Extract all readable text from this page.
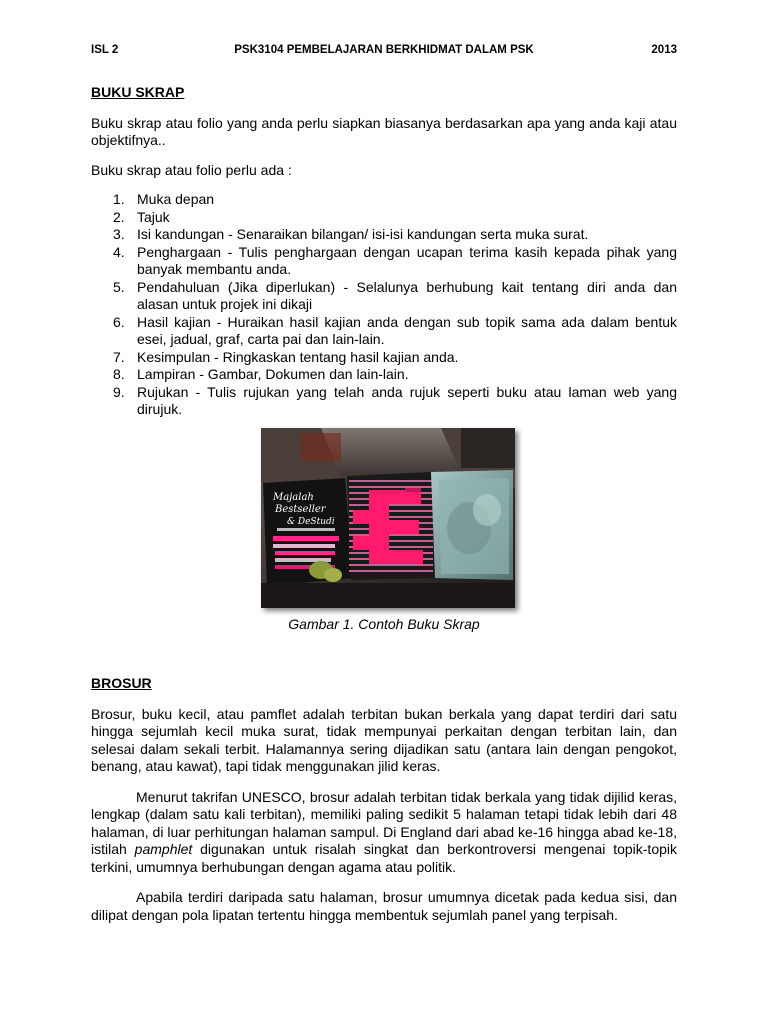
ISL 2	PSK3104 PEMBELAJARAN BERKHIDMAT DALAM PSK	2013
BUKU SKRAP

Buku skrap atau folio yang anda perlu siapkan biasanya berdasarkan apa yang anda kaji atau objektifnya..

Buku skrap atau folio perlu ada :

1. Muka depan
2. Tajuk
3. Isi kandungan - Senaraikan bilangan/ isi-isi kandungan serta muka surat.
4. Penghargaan - Tulis penghargaan dengan ucapan terima kasih kepada pihak yang banyak membantu anda.
5. Pendahuluan (Jika diperlukan) - Selalunya berhubung kait tentang diri anda dan alasan untuk projek ini dikaji
6. Hasil kajian - Huraikan hasil kajian anda dengan sub topik sama ada dalam bentuk esei, jadual, graf, carta pai dan lain-lain.
7. Kesimpulan - Ringkaskan tentang hasil kajian anda.
8. Lampiran - Gambar, Dokumen dan lain-lain.
9. Rujukan - Tulis rujukan yang telah anda rujuk seperti buku atau laman web yang dirujuk.
Majalah
Bestseller
& DeStudi
Gambar 1. Contoh Buku Skrap
BROSUR

Brosur, buku kecil, atau pamflet adalah terbitan bukan berkala yang dapat terdiri dari satu hingga sejumlah kecil muka surat, tidak mempunyai perkaitan dengan terbitan lain, dan selesai dalam sekali terbit. Halamannya sering dijadikan satu (antara lain dengan pengokot, benang, atau kawat), tapi tidak menggunakan jilid keras.

Menurut takrifan UNESCO, brosur adalah terbitan tidak berkala yang tidak dijilid keras, lengkap (dalam satu kali terbitan), memiliki paling sedikit 5 halaman tetapi tidak lebih dari 48 halaman, di luar perhitungan halaman sampul. Di England dari abad ke-16 hingga abad ke-18, istilah pamphlet digunakan untuk risalah singkat dan berkontroversi mengenai topik-topik terkini, umumnya berhubungan dengan agama atau politik.

Apabila terdiri daripada satu halaman, brosur umumnya dicetak pada kedua sisi, dan dilipat dengan pola lipatan tertentu hingga membentuk sejumlah panel yang terpisah.
